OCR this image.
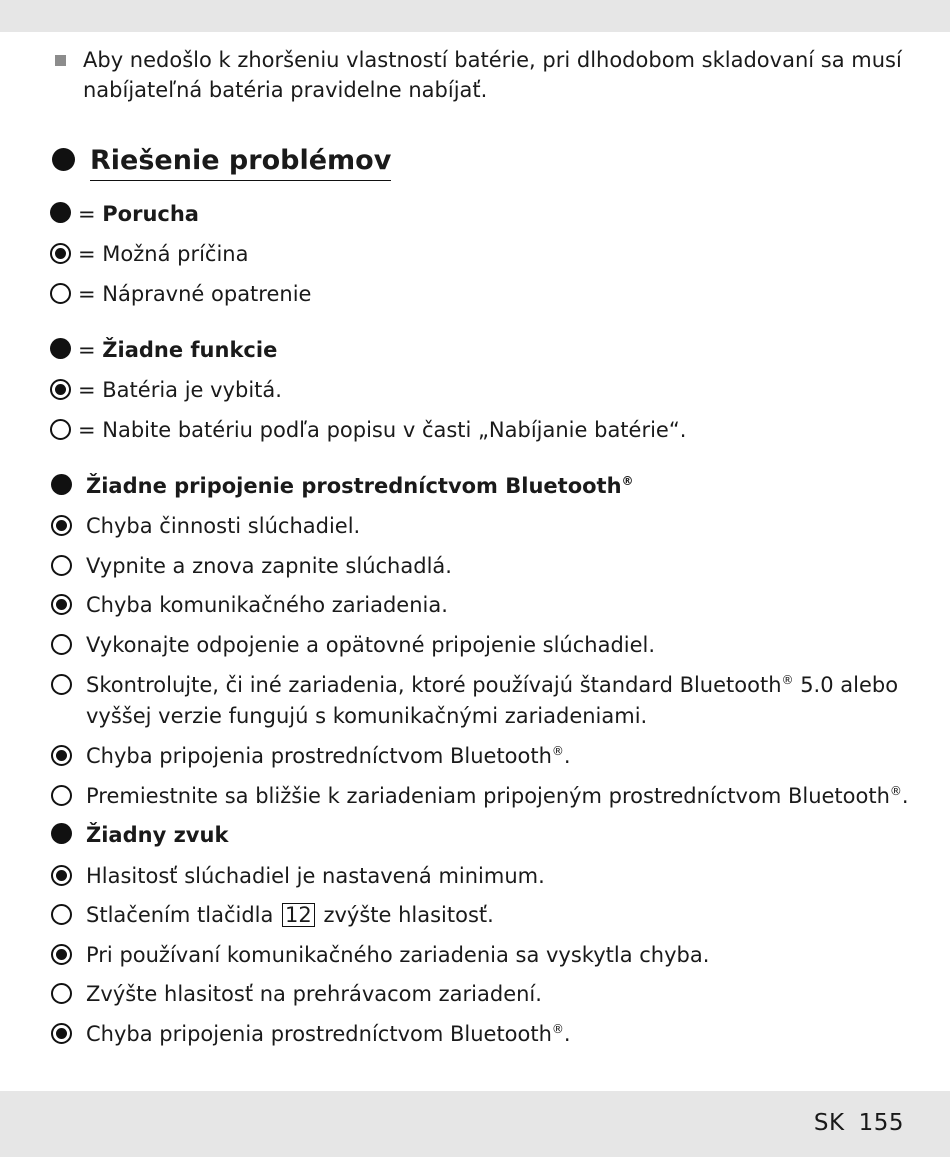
Aby nedošlo k zhoršeniu vlastností batérie, pri dlhodobom skladovaní sa musí
nabíjateľná batéria pravidelne nabíjať.
Riešenie problémov
= Porucha
= Možná príčina
= Nápravné opatrenie
= Žiadne funkcie
= Batéria je vybitá.
= Nabite batériu podľa popisu v časti „Nabíjanie batérie“.
Žiadne pripojenie prostredníctvom Bluetooth®
Chyba činnosti slúchadiel.
Vypnite a znova zapnite slúchadlá.
Chyba komunikačného zariadenia.
Vykonajte odpojenie a opätovné pripojenie slúchadiel.
Skontrolujte, či iné zariadenia, ktoré používajú štandard Bluetooth® 5.0 alebo
vyššej verzie fungujú s komunikačnými zariadeniami.
Chyba pripojenia prostredníctvom Bluetooth®.
Premiestnite sa bližšie k zariadeniam pripojeným prostredníctvom Bluetooth®.
Žiadny zvuk
Hlasitosť slúchadiel je nastavená minimum.
Stlačením tlačidla 12 zvýšte hlasitosť.
Pri používaní komunikačného zariadenia sa vyskytla chyba.
Zvýšte hlasitosť na prehrávacom zariadení.
Chyba pripojenia prostredníctvom Bluetooth®.
SK 155
